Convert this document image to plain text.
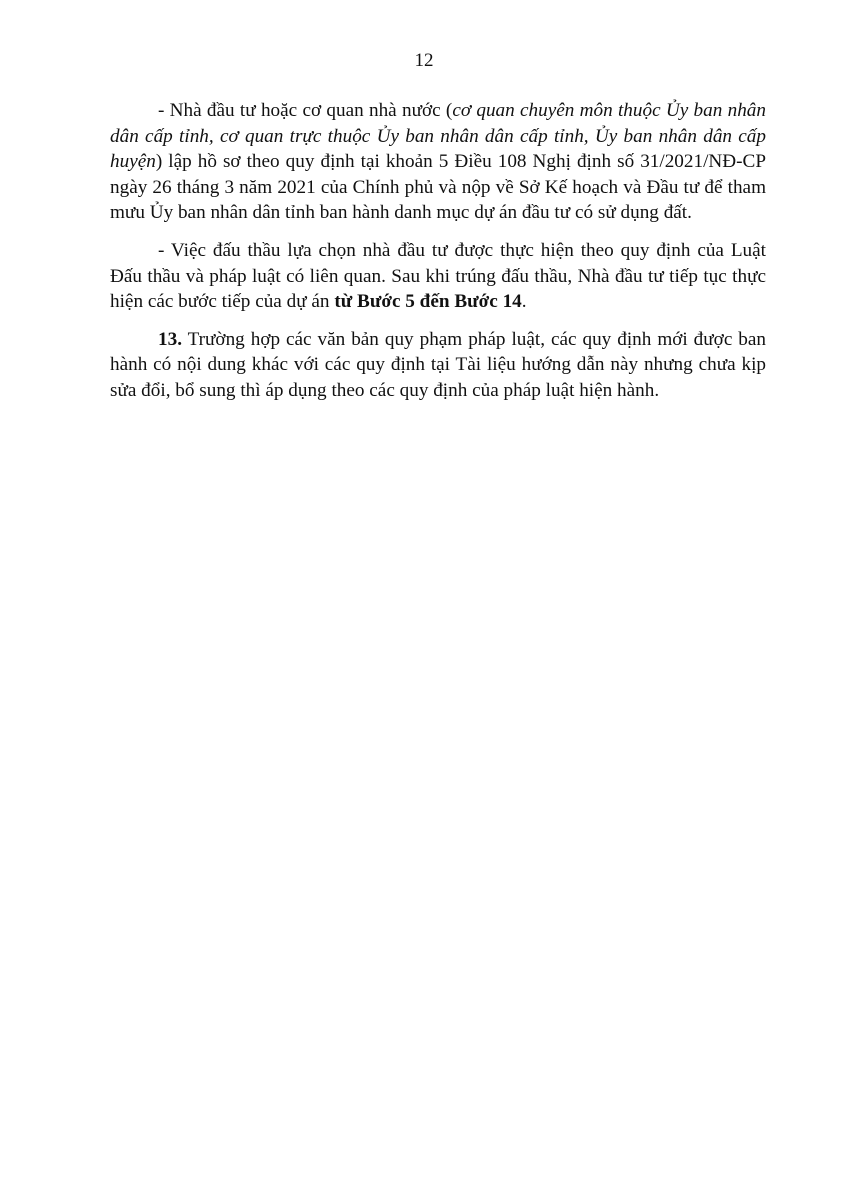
12

- Nhà đầu tư hoặc cơ quan nhà nước (cơ quan chuyên môn thuộc Ủy ban nhân dân cấp tỉnh, cơ quan trực thuộc Ủy ban nhân dân cấp tỉnh, Ủy ban nhân dân cấp huyện) lập hồ sơ theo quy định tại khoản 5 Điều 108 Nghị định số 31/2021/NĐ-CP ngày 26 tháng 3 năm 2021 của Chính phủ và nộp về Sở Kế hoạch và Đầu tư để tham mưu Ủy ban nhân dân tỉnh ban hành danh mục dự án đầu tư có sử dụng đất.

- Việc đấu thầu lựa chọn nhà đầu tư được thực hiện theo quy định của Luật Đấu thầu và pháp luật có liên quan. Sau khi trúng đấu thầu, Nhà đầu tư tiếp tục thực hiện các bước tiếp của dự án từ Bước 5 đến Bước 14.

13. Trường hợp các văn bản quy phạm pháp luật, các quy định mới được ban hành có nội dung khác với các quy định tại Tài liệu hướng dẫn này nhưng chưa kịp sửa đổi, bổ sung thì áp dụng theo các quy định của pháp luật hiện hành.
